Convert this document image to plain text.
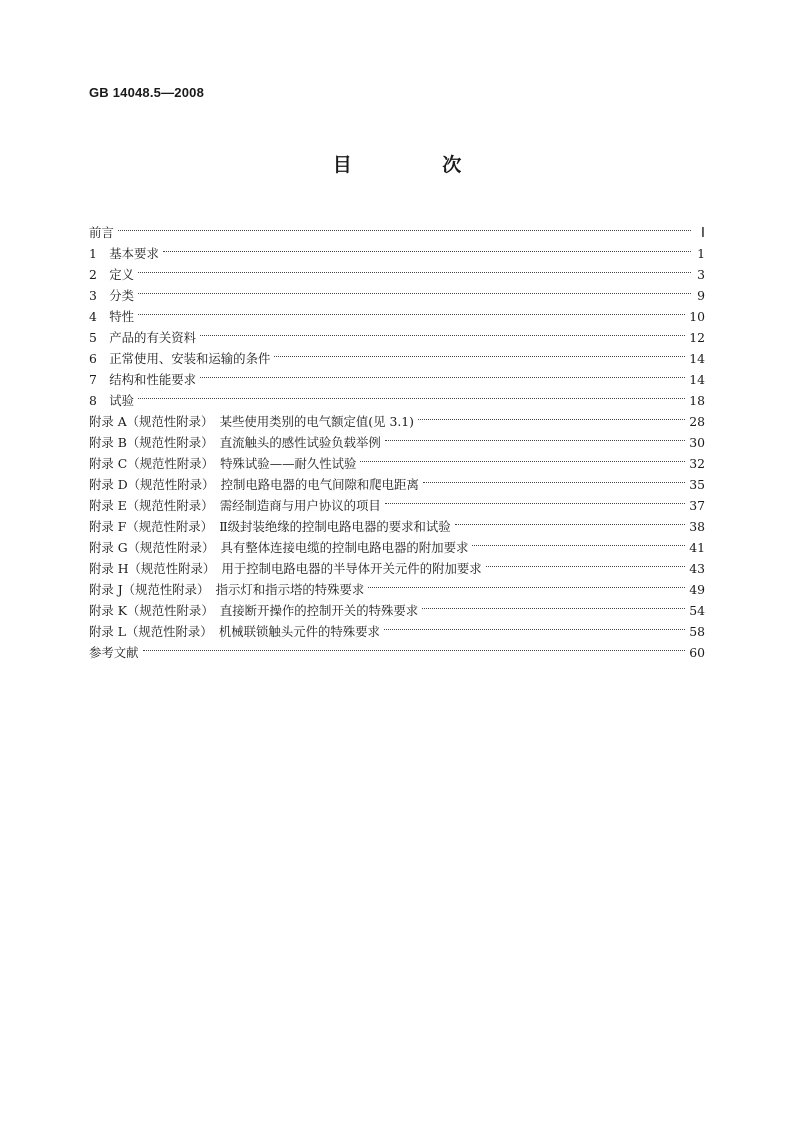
GB 14048.5—2008
目 次
前言	Ⅰ
1　基本要求	1
2　定义	3
3　分类	9
4　特性	10
5　产品的有关资料	12
6　正常使用、安装和运输的条件	14
7　结构和性能要求	14
8　试验	18
附录 A（规范性附录）　某些使用类别的电气额定值(见 3.1)	28
附录 B（规范性附录）　直流触头的感性试验负载举例	30
附录 C（规范性附录）　特殊试验——耐久性试验	32
附录 D（规范性附录）　控制电路电器的电气间隙和爬电距离	35
附录 E（规范性附录）　需经制造商与用户协议的项目	37
附录 F（规范性附录）　Ⅱ级封装绝缘的控制电路电器的要求和试验	38
附录 G（规范性附录）　具有整体连接电缆的控制电路电器的附加要求	41
附录 H（规范性附录）　用于控制电路电器的半导体开关元件的附加要求	43
附录 J（规范性附录）　指示灯和指示塔的特殊要求	49
附录 K（规范性附录）　直接断开操作的控制开关的特殊要求	54
附录 L（规范性附录）　机械联锁触头元件的特殊要求	58
参考文献	60
